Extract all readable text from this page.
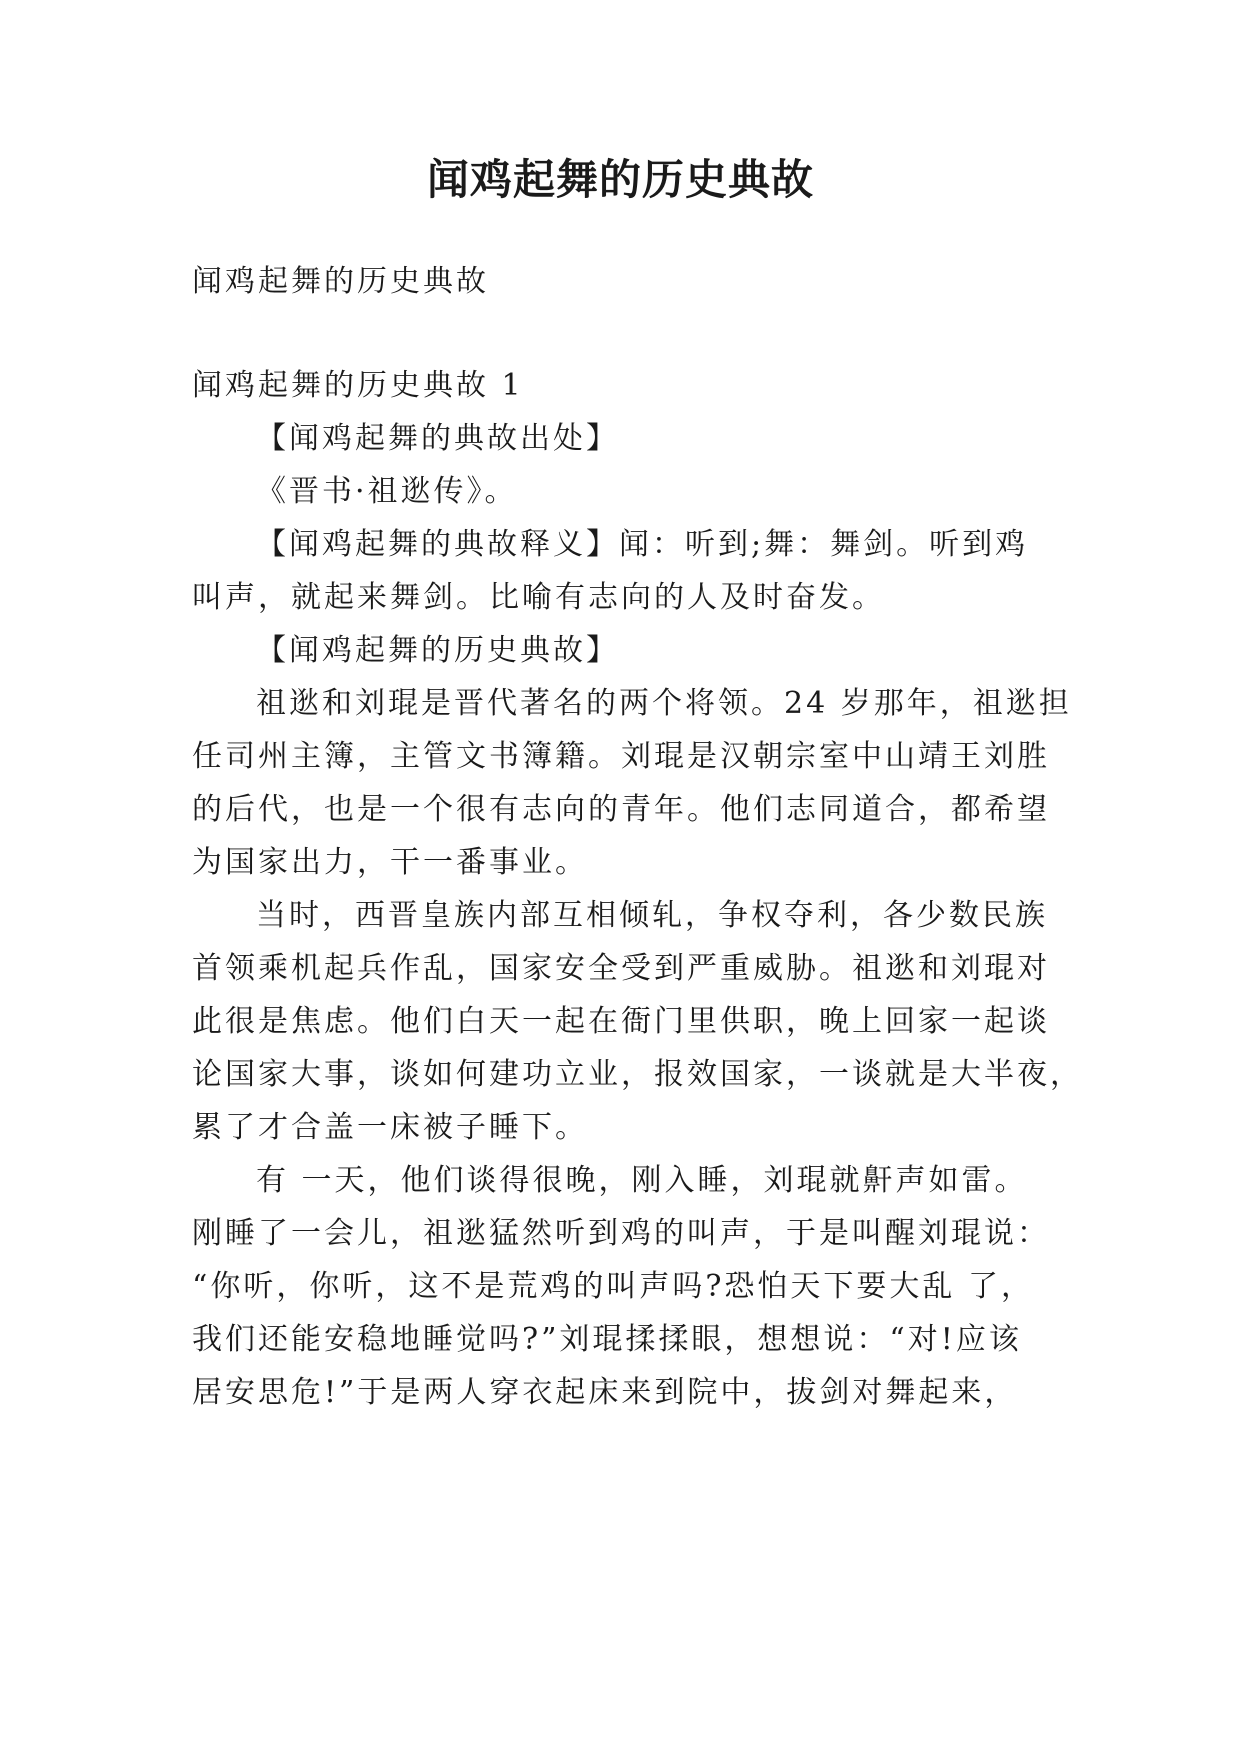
闻鸡起舞的历史典故
闻鸡起舞的历史典故
闻鸡起舞的历史典故 1
【闻鸡起舞的典故出处】
《晋书·祖逖传》。
【闻鸡起舞的典故释义】闻：听到;舞：舞剑。听到鸡
叫声，就起来舞剑。比喻有志向的人及时奋发。
【闻鸡起舞的历史典故】
祖逖和刘琨是晋代著名的两个将领。24 岁那年，祖逖担
任司州主簿，主管文书簿籍。刘琨是汉朝宗室中山靖王刘胜
的后代，也是一个很有志向的青年。他们志同道合，都希望
为国家出力，干一番事业。
当时，西晋皇族内部互相倾轧，争权夺利，各少数民族
首领乘机起兵作乱，国家安全受到严重威胁。祖逖和刘琨对
此很是焦虑。他们白天一起在衙门里供职，晚上回家一起谈
论国家大事，谈如何建功立业，报效国家，一谈就是大半夜，
累了才合盖一床被子睡下。
有 一天，他们谈得很晚，刚入睡，刘琨就鼾声如雷。
刚睡了一会儿，祖逖猛然听到鸡的叫声，于是叫醒刘琨说：
“你听，你听，这不是荒鸡的叫声吗?恐怕天下要大乱 了，
我们还能安稳地睡觉吗?”刘琨揉揉眼，想想说：“对!应该
居安思危!”于是两人穿衣起床来到院中，拔剑对舞起来，
